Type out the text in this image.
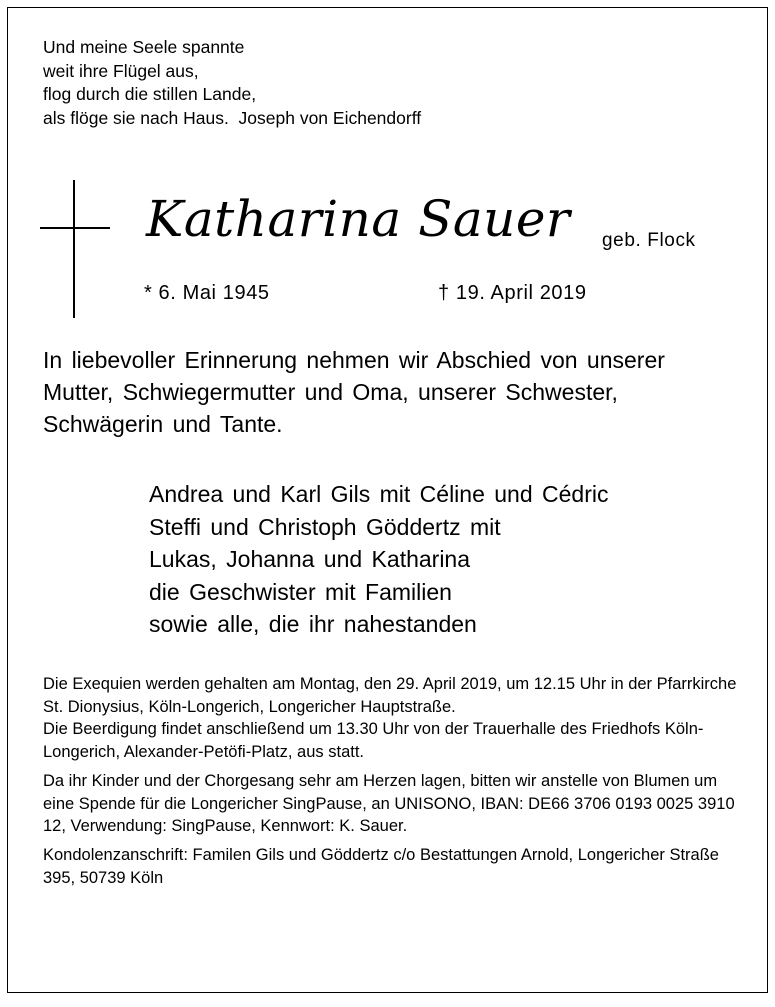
Und meine Seele spannte
weit ihre Flügel aus,
flog durch die stillen Lande,
als flöge sie nach Haus.  Joseph von Eichendorff
Katharina Sauer geb. Flock
* 6. Mai 1945	† 19. April 2019
In liebevoller Erinnerung nehmen wir Abschied von unserer Mutter, Schwiegermutter und Oma, unserer Schwester, Schwägerin und Tante.
Andrea und Karl Gils mit Céline und Cédric
Steffi und Christoph Göddertz mit
Lukas, Johanna und Katharina
die Geschwister mit Familien
sowie alle, die ihr nahestanden

Die Exequien werden gehalten am Montag, den 29. April 2019, um 12.15 Uhr in der Pfarrkirche St. Dionysius, Köln-Longerich, Longericher Hauptstraße.

Die Beerdigung findet anschließend um 13.30 Uhr von der Trauerhalle des Friedhofs Köln-Longerich, Alexander-Petöfi-Platz, aus statt.

Da ihr Kinder und der Chorgesang sehr am Herzen lagen, bitten wir anstelle von Blumen um eine Spende für die Longericher SingPause, an UNISONO, IBAN: DE66 3706 0193 0025 3910 12, Verwendung: SingPause, Kennwort: K. Sauer.

Kondolenzanschrift: Familen Gils und Göddertz c/o Bestattungen Arnold, Longericher Straße 395, 50739 Köln
